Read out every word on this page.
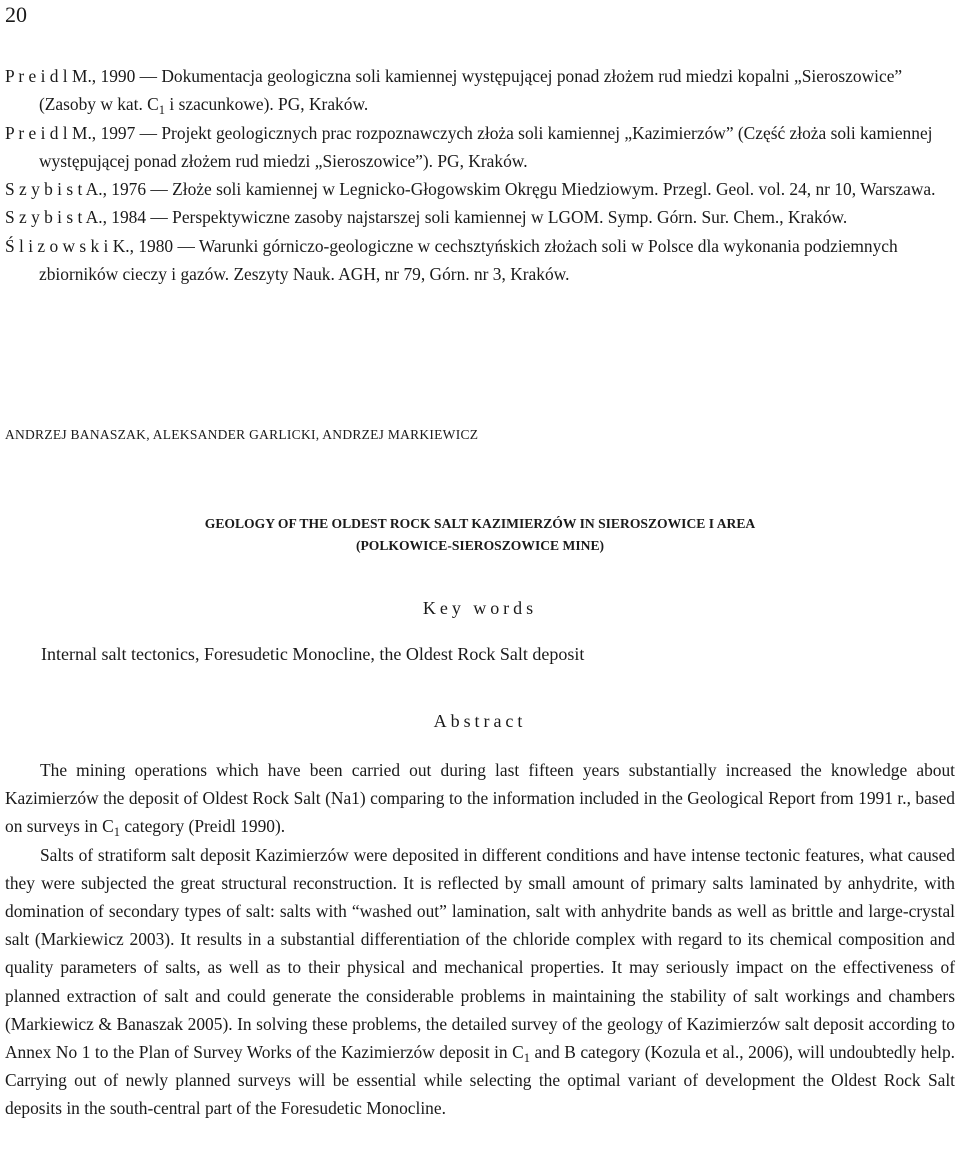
20

P r e i d l M., 1990 — Dokumentacja geologiczna soli kamiennej występującej ponad złożem rud miedzi kopalni „Sieroszowice” (Zasoby w kat. $C_1$ i szacunkowe). PG, Kraków.

P r e i d l M., 1997 — Projekt geologicznych prac rozpoznawczych złoża soli kamiennej „Kazimierzów” (Część złoża soli kamiennej występującej ponad złożem rud miedzi „Sieroszowice”). PG, Kraków.

S z y b i s t A., 1976 — Złoże soli kamiennej w Legnicko-Głogowskim Okręgu Miedziowym. Przegl. Geol. vol. 24, nr 10, Warszawa.

S z y b i s t A., 1984 — Perspektywiczne zasoby najstarszej soli kamiennej w LGOM. Symp. Górn. Sur. Chem., Kraków.

Ś l i z o w s k i K., 1980 — Warunki górniczo-geologiczne w cechsztyńskich złożach soli w Polsce dla wykonania podziemnych zbiorników cieczy i gazów. Zeszyty Nauk. AGH, nr 79, Górn. nr 3, Kraków.

ANDRZEJ BANASZAK, ALEKSANDER GARLICKI, ANDRZEJ MARKIEWICZ
GEOLOGY OF THE OLDEST ROCK SALT KAZIMIERZÓW IN SIEROSZOWICE I AREA
(POLKOWICE-SIEROSZOWICE MINE)
Key words
Internal salt tectonics, Foresudetic Monocline, the Oldest Rock Salt deposit
Abstract

The mining operations which have been carried out during last fifteen years substantially increased the knowledge about Kazimierzów the deposit of Oldest Rock Salt (Na1) comparing to the information included in the Geological Report from 1991 r., based on surveys in $C_1$ category (Preidl 1990).

Salts of stratiform salt deposit Kazimierzów were deposited in different conditions and have intense tectonic features, what caused they were subjected the great structural reconstruction. It is reflected by small amount of primary salts laminated by anhydrite, with domination of secondary types of salt: salts with “washed out” lamination, salt with anhydrite bands as well as brittle and large-crystal salt (Markiewicz 2003). It results in a substantial differentiation of the chloride complex with regard to its chemical composition and quality parameters of salts, as well as to their physical and mechanical properties. It may seriously impact on the effectiveness of planned extraction of salt and could generate the considerable problems in maintaining the stability of salt workings and chambers (Markiewicz & Banaszak 2005). In solving these problems, the detailed survey of the geology of Kazimierzów salt deposit according to Annex No 1 to the Plan of Survey Works of the Kazimierzów deposit in $C_1$ and B category (Kozula et al., 2006), will undoubtedly help. Carrying out of newly planned surveys will be essential while selecting the optimal variant of development the Oldest Rock Salt deposits in the south-central part of the Foresudetic Monocline.
